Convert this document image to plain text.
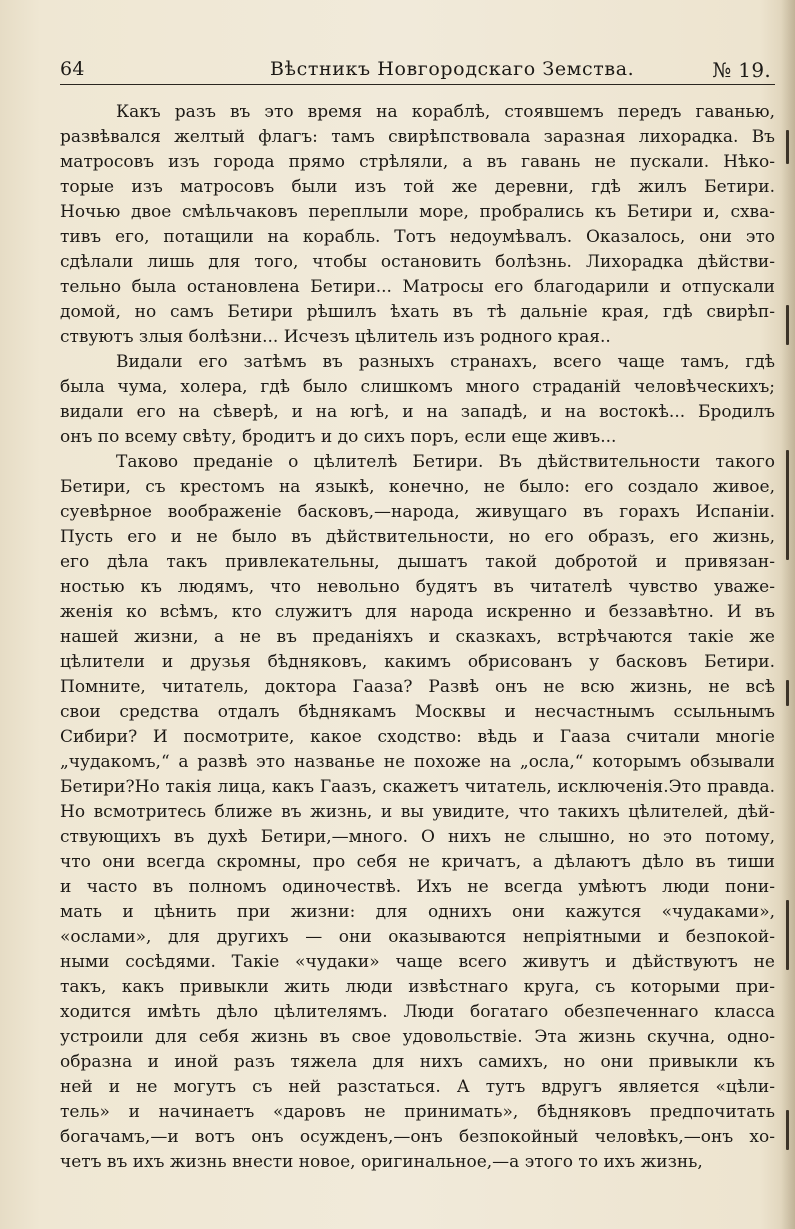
64	Вѣстникъ Новгородскаго Земства.	№ 19.
Какъ разъ въ это время на кораблѣ, стоявшемъ передъ гаванью,
развѣвался желтый флагъ: тамъ свирѣпствовала заразная лихорадка. Въ
матросовъ изъ города прямо стрѣляли, а въ гавань не пускали. Нѣко-
торые изъ матросовъ были изъ той же деревни, гдѣ жилъ Бетири.
Ночью двое смѣльчаковъ переплыли море, пробрались къ Бетири и, схва-
тивъ его, потащили на корабль. Тотъ недоумѣвалъ. Оказалось, они это
сдѣлали лишь для того, чтобы остановить болѣзнь. Лихорадка дѣйстви-
тельно была остановлена Бетири... Матросы его благодарили и отпускали
домой, но самъ Бетири рѣшилъ ѣхать въ тѣ дальніе края, гдѣ свирѣп-
ствуютъ злыя болѣзни... Исчезъ цѣлитель изъ родного края..
Видали его затѣмъ въ разныхъ странахъ, всего чаще тамъ, гдѣ
была чума, холера, гдѣ было слишкомъ много страданій человѣческихъ;
видали его на сѣверѣ, и на югѣ, и на западѣ, и на востокѣ... Бродилъ
онъ по всему свѣту, бродитъ и до сихъ поръ, если еще живъ...
Таково преданіе о цѣлителѣ Бетири. Въ дѣйствительности такого
Бетири, съ крестомъ на языкѣ, конечно, не было: его создало живое,
суевѣрное воображеніе басковъ,—народа, живущаго въ горахъ Испаніи.
Пусть его и не было въ дѣйствительности, но его образъ, его жизнь,
его дѣла такъ привлекательны, дышатъ такой добротой и привязан-
ностью къ людямъ, что невольно будятъ въ читателѣ чувство уваже-
женія ко всѣмъ, кто служитъ для народа искренно и беззавѣтно. И въ
нашей жизни, а не въ преданіяхъ и сказкахъ, встрѣчаются такіе же
цѣлители и друзья бѣдняковъ, какимъ обрисованъ у басковъ Бетири.
Помните, читатель, доктора Гааза? Развѣ онъ не всю жизнь, не всѣ
свои средства отдалъ бѣднякамъ Москвы и несчастнымъ ссыльнымъ
Сибири? И посмотрите, какое сходство: вѣдь и Гааза считали многіе
„чудакомъ,“ а развѣ это названье не похоже на „осла,“ которымъ обзывали
Бетири?Но такія лица, какъ Гаазъ, скажетъ читатель, исключенія.Это правда.
Но всмотритесь ближе въ жизнь, и вы увидите, что такихъ цѣлителей, дѣй-
ствующихъ въ духѣ Бетири,—много. О нихъ не слышно, но это потому,
что они всегда скромны, про себя не кричатъ, а дѣлаютъ дѣло въ тиши
и часто въ полномъ одиночествѣ. Ихъ не всегда умѣютъ люди пони-
мать и цѣнить при жизни: для однихъ они кажутся «чудаками»,
«ослами», для другихъ — они оказываются непріятными и безпокой-
ными сосѣдями. Такіе «чудаки» чаще всего живутъ и дѣйствуютъ не
такъ, какъ привыкли жить люди извѣстнаго круга, съ которыми при-
ходится имѣть дѣло цѣлителямъ. Люди богатаго обезпеченнаго класса
устроили для себя жизнь въ свое удовольствіе. Эта жизнь скучна, одно-
образна и иной разъ тяжела для нихъ самихъ, но они привыкли къ
ней и не могутъ съ ней разстаться. А тутъ вдругъ является «цѣли-
тель» и начинаетъ «даровъ не принимать», бѣдняковъ предпочитать
богачамъ,—и вотъ онъ осужденъ,—онъ безпокойный человѣкъ,—онъ хо-
четъ въ ихъ жизнь внести новое, оригинальное,—а этого то ихъ жизнь,
